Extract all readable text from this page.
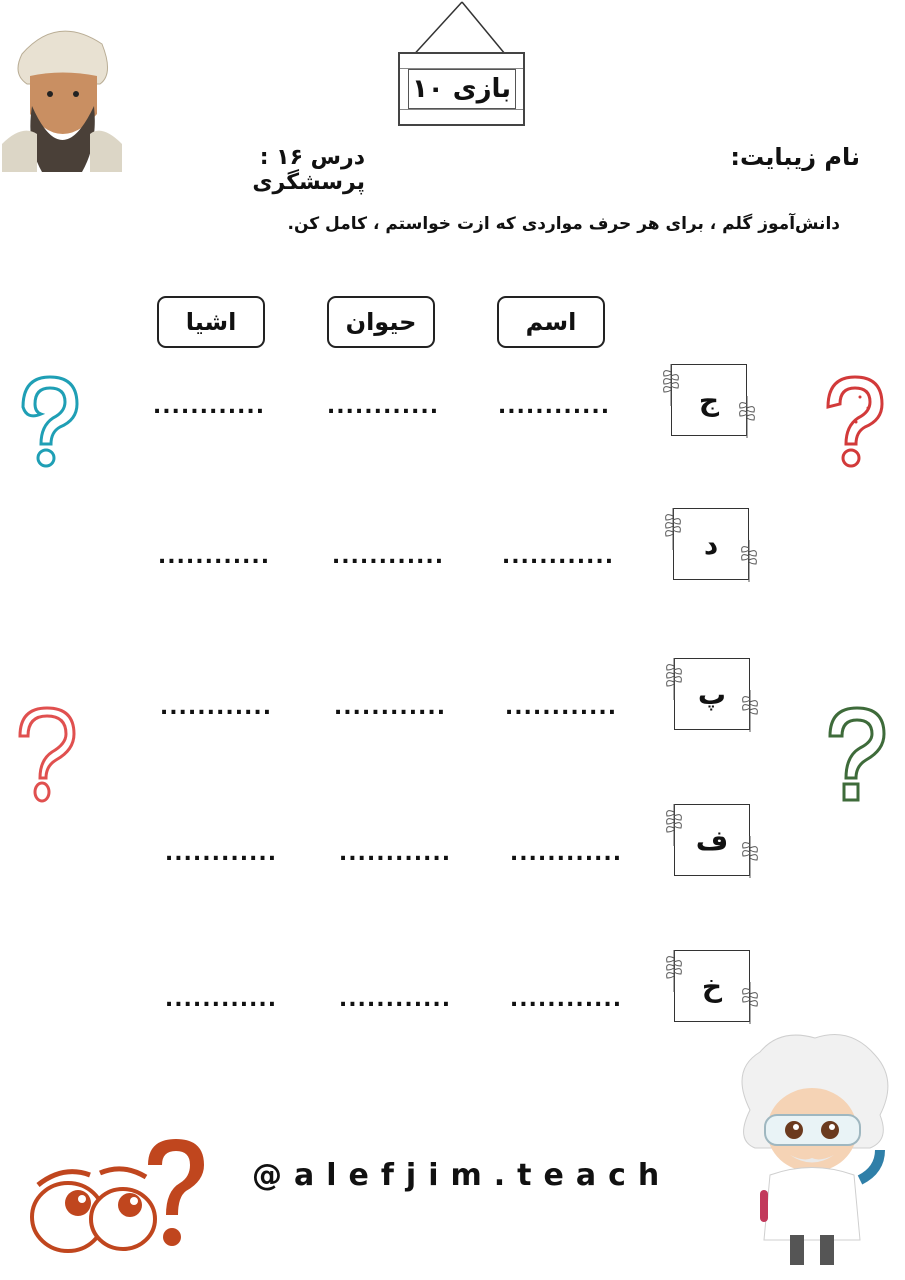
بازی ۱۰
نام زیبایت:
درس ۱۶ : پرسشگری
دانش‌آموز گلم ، برای هر حرف مواردی که ازت خواستم ، کامل کن.
اسم
حیوان
اشیا
ج
............
............
............
د
............
............
............
پ
............
............
............
ف
............
............
............
خ
............
............
............
@alefjim.teach
